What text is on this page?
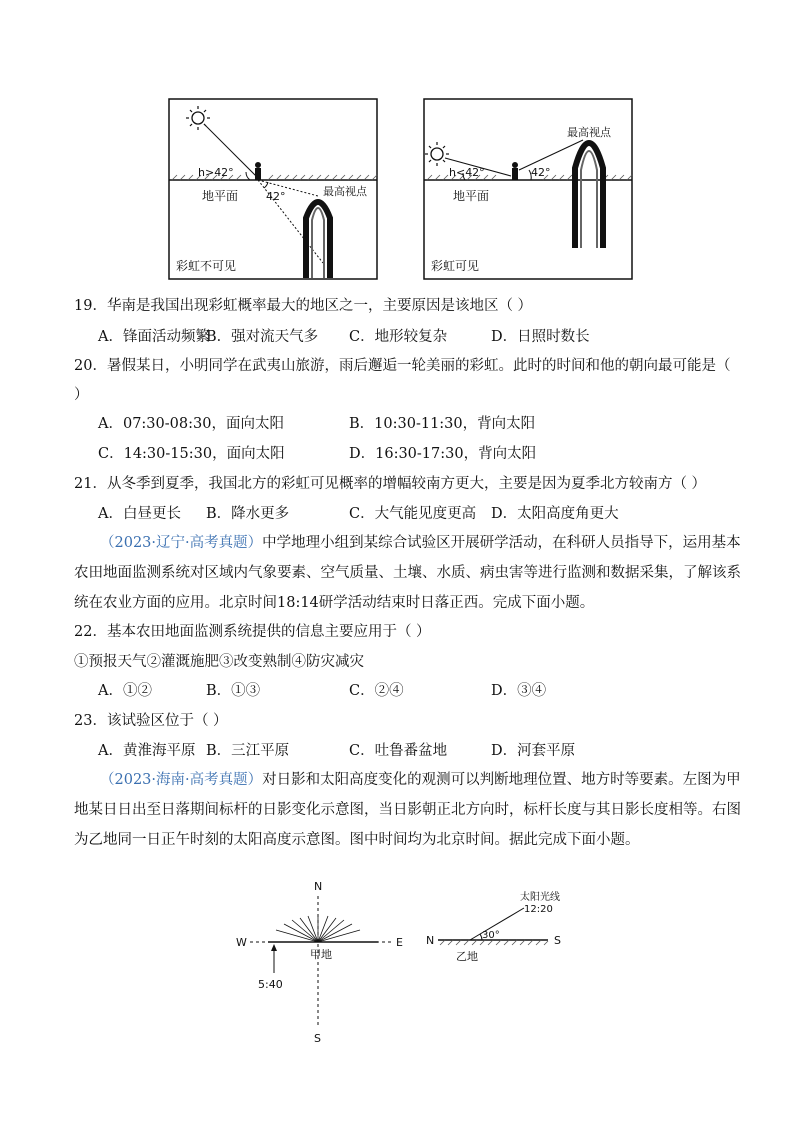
h>42°
地平面	42°	最高视点
彩虹不可见
最高视点
h<42°	42°
地平面
彩虹可见
19．华南是我国出现彩虹概率最大的地区之一，主要原因是该地区（ ）
A．锋面活动频繁
B．强对流天气多 C．地形较复杂	D．日照时数长
20．暑假某日，小明同学在武夷山旅游，雨后邂逅一轮美丽的彩虹。此时的时间和他的朝向最可能是（
）
A．07:30-08:30，面向太阳	B．10:30-11:30，背向太阳
C．14:30-15:30，面向太阳	D．16:30-17:30，背向太阳
21．从冬季到夏季，我国北方的彩虹可见概率的增幅较南方更大，主要是因为夏季北方较南方（ ）
A．白昼更长 B．降水更多	C．大气能见度更高 D．太阳高度角更大
（2023·辽宁·高考真题）中学地理小组到某综合试验区开展研学活动，在科研人员指导下，运用基本
农田地面监测系统对区域内气象要素、空气质量、土壤、水质、病虫害等进行监测和数据采集，了解该系
统在农业方面的应用。北京时间18:14研学活动结束时日落正西。完成下面小题。
22．基本农田地面监测系统提供的信息主要应用于（ ）
①预报天气②灌溉施肥③改变熟制④防灾减灾
A．①②	B．①③	C．②④	D．③④
23．该试验区位于（ ）
A．黄淮海平原 B．三江平原	C．吐鲁番盆地	D．河套平原
（2023·海南·高考真题）对日影和太阳高度变化的观测可以判断地理位置、地方时等要素。左图为甲
地某日日出至日落期间标杆的日影变化示意图，当日影朝正北方向时，标杆长度与其日影长度相等。右图
为乙地同一日正午时刻的太阳高度示意图。图中时间均为北京时间。据此完成下面小题。
N
S
W	E
甲地
5:40
太阳光线
12:20
30°
N	S
乙地
